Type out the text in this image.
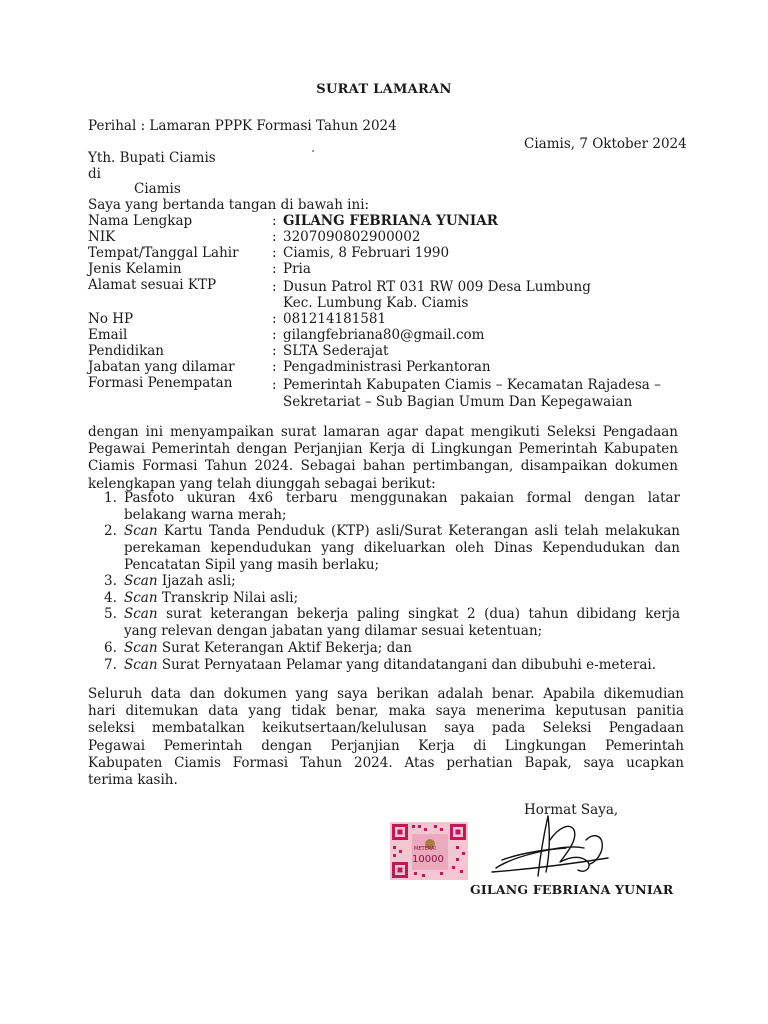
SURAT LAMARAN
Perihal : Lamaran PPPK Formasi Tahun 2024
Ciamis, 7 Oktober 2024
Yth. Bupati Ciamis
di
Ciamis
Saya yang bertanda tangan di bawah ini:
Nama Lengkap	: GILANG FEBRIANA YUNIAR
NIK	: 3207090802900002
Tempat/Tanggal Lahir : Ciamis, 8 Februari 1990
Jenis Kelamin	: Pria
Alamat sesuai KTP	: Dusun Patrol RT 031 RW 009 Desa Lumbung
Kec. Lumbung Kab. Ciamis
No HP	: 081214181581
Email	: gilangfebriana80@gmail.com
Pendidikan	: SLTA Sederajat
Jabatan yang dilamar	: Pengadministrasi Perkantoran
Formasi Penempatan	: Pemerintah Kabupaten Ciamis – Kecamatan Rajadesa –
Sekretariat – Sub Bagian Umum Dan Kepegawaian
dengan ini menyampaikan surat lamaran agar dapat mengikuti Seleksi Pengadaan
Pegawai Pemerintah dengan Perjanjian Kerja di Lingkungan Pemerintah Kabupaten
Ciamis Formasi Tahun 2024. Sebagai bahan pertimbangan, disampaikan dokumen
kelengkapan yang telah diunggah sebagai berikut:
1. Pasfoto ukuran 4x6 terbaru menggunakan pakaian formal dengan latar
belakang warna merah;
2. Scan Kartu Tanda Penduduk (KTP) asli/Surat Keterangan asli telah melakukan
perekaman kependudukan yang dikeluarkan oleh Dinas Kependudukan dan
Pencatatan Sipil yang masih berlaku;
3. Scan Ijazah asli;
4. Scan Transkrip Nilai asli;
5. Scan surat keterangan bekerja paling singkat 2 (dua) tahun dibidang kerja
yang relevan dengan jabatan yang dilamar sesuai ketentuan;
6. Scan Surat Keterangan Aktif Bekerja; dan
7. Scan Surat Pernyataan Pelamar yang ditandatangani dan dibubuhi e-meterai.
Seluruh data dan dokumen yang saya berikan adalah benar. Apabila dikemudian
hari ditemukan data yang tidak benar, maka saya menerima keputusan panitia
seleksi membatalkan keikutsertaan/kelulusan saya pada Seleksi Pengadaan
Pegawai Pemerintah dengan Perjanjian Kerja di Lingkungan Pemerintah
Kabupaten Ciamis Formasi Tahun 2024. Atas perhatian Bapak, saya ucapkan
terima kasih.
Hormat Saya,
METERAI
10000
GILANG FEBRIANA YUNIAR
